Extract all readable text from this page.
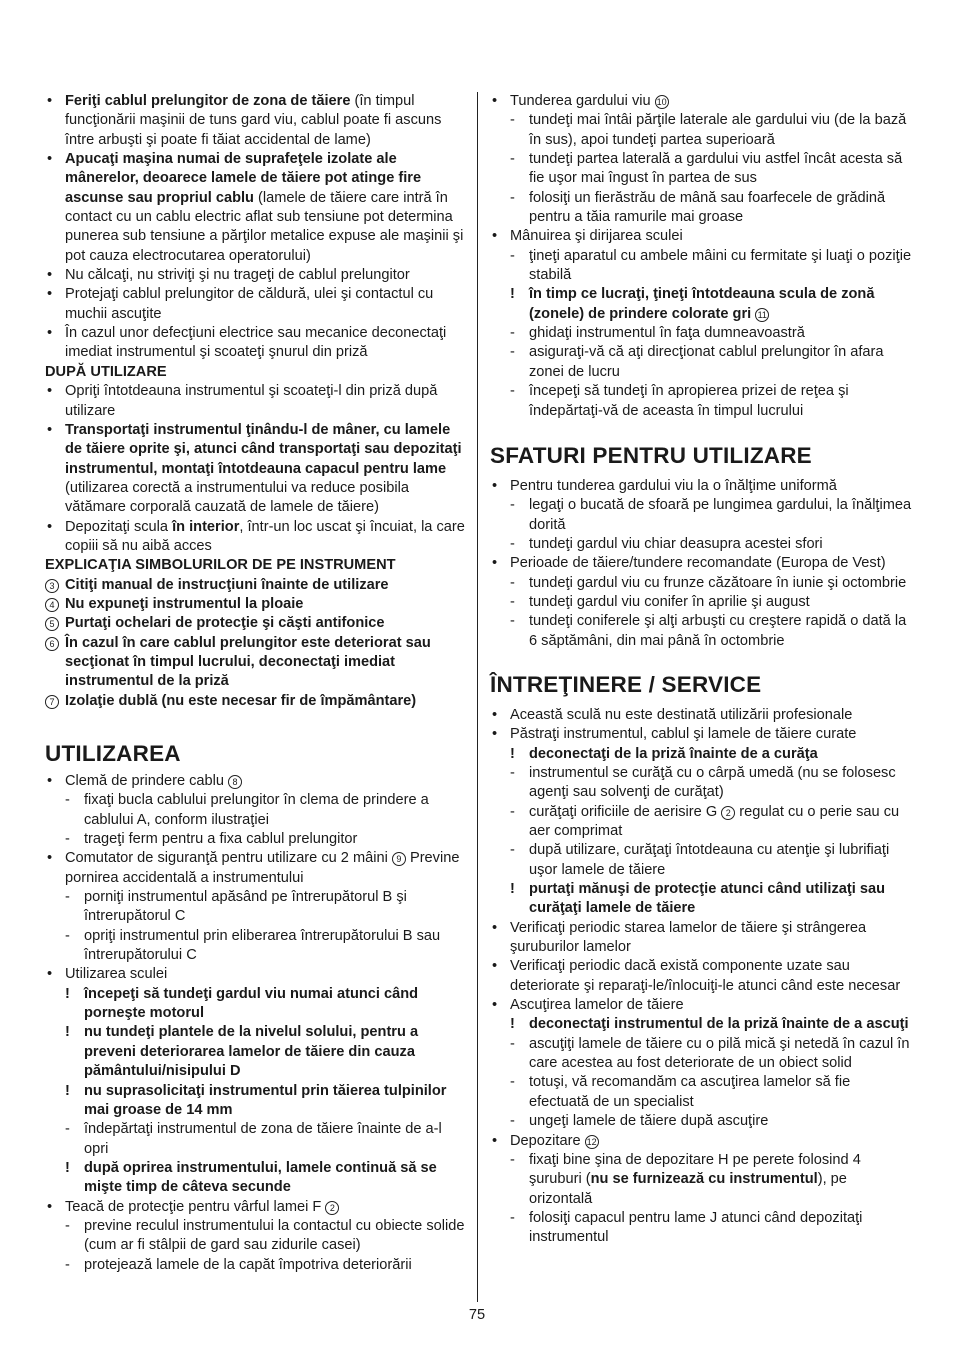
• Feriţi cablul prelungitor de zona de tăiere (în timpul funcţionării maşinii de tuns gard viu, cablul poate fi ascuns între arbuşti şi poate fi tăiat accidental de lame)
• Apucaţi maşina numai de suprafeţele izolate ale mânerelor, deoarece lamele de tăiere pot atinge fire ascunse sau propriul cablu (lamele de tăiere care intră în contact cu un cablu electric aflat sub tensiune pot determina punerea sub tensiune a părţilor metalice expuse ale maşinii şi pot cauza electrocutarea operatorului)
• Nu călcaţi, nu striviţi şi nu trageţi de cablul prelungitor
• Protejaţi cablul prelungitor de căldură, ulei şi contactul cu muchii ascuţite
• În cazul unor defecţiuni electrice sau mecanice deconectaţi imediat instrumentul şi scoateţi şnurul din priză
DUPĂ UTILIZARE
• Opriţi întotdeauna instrumentul şi scoateţi-l din priză după utilizare
• Transportaţi instrumentul ţinându-l de mâner, cu lamele de tăiere oprite şi, atunci când transportaţi sau depozitaţi instrumentul, montaţi întotdeauna capacul pentru lame (utilizarea corectă a instrumentului va reduce posibila vătămare corporală cauzată de lamele de tăiere)
• Depozitaţi scula în interior, într-un loc uscat şi încuiat, la care copiii să nu aibă acces
EXPLICAŢIA SIMBOLURILOR DE PE INSTRUMENT
3 Citiţi manual de instrucţiuni înainte de utilizare
4 Nu expuneţi instrumentul la ploaie
5 Purtaţi ochelari de protecţie şi căşti antifonice
6 În cazul în care cablul prelungitor este deteriorat sau secţionat în timpul lucrului, deconectaţi imediat instrumentul de la priză
7 Izolaţie dublă (nu este necesar fir de împământare)
UTILIZAREA
• Clemă de prindere cablu 8
- fixaţi bucla cablului prelungitor în clema de prindere a cablului A, conform ilustraţiei
- trageţi ferm pentru a fixa cablul prelungitor
• Comutator de siguranţă pentru utilizare cu 2 mâini 9 Previne pornirea accidentală a instrumentului
- porniţi instrumentul apăsând pe întrerupătorul B şi întrerupătorul C
- opriţi instrumentul prin eliberarea întrerupătorului B sau întrerupătorului C
• Utilizarea sculei
! începeţi să tundeţi gardul viu numai atunci când porneşte motorul
! nu tundeţi plantele de la nivelul solului, pentru a preveni deteriorarea lamelor de tăiere din cauza pământului/nisipului D
! nu suprasolicitaţi instrumentul prin tăierea tulpinilor mai groase de 14 mm
- îndepărtaţi instrumentul de zona de tăiere înainte de a-l opri
! după oprirea instrumentului, lamele continuă să se mişte timp de câteva secunde
• Teacă de protecţie pentru vârful lamei F 2
- previne reculul instrumentului la contactul cu obiecte solide (cum ar fi stâlpii de gard sau zidurile casei)
- protejează lamele de la capăt împotriva deteriorării
• Tunderea gardului viu 10
- tundeţi mai întâi părţile laterale ale gardului viu (de la bază în sus), apoi tundeţi partea superioară
- tundeţi partea laterală a gardului viu astfel încât acesta să fie uşor mai îngust în partea de sus
- folosiţi un fierăstrău de mână sau foarfecele de grădină pentru a tăia ramurile mai groase
• Mânuirea şi dirijarea sculei
- ţineţi aparatul cu ambele mâini cu fermitate şi luaţi o poziţie stabilă
! în timp ce lucraţi, ţineţi întotdeauna scula de zonă (zonele) de prindere colorate gri 11
- ghidaţi instrumentul în faţa dumneavoastră
- asiguraţi-vă că aţi direcţionat cablul prelungitor în afara zonei de lucru
- începeţi să tundeţi în apropierea prizei de reţea şi îndepărtaţi-vă de aceasta în timpul lucrului
SFATURI PENTRU UTILIZARE
• Pentru tunderea gardului viu la o înălţime uniformă
- legaţi o bucată de sfoară pe lungimea gardului, la înălţimea dorită
- tundeţi gardul viu chiar deasupra acestei sfori
• Perioade de tăiere/tundere recomandate (Europa de Vest)
- tundeţi gardul viu cu frunze căzătoare în iunie şi octombrie
- tundeţi gardul viu conifer în aprilie şi august
- tundeţi coniferele şi alţi arbuşti cu creştere rapidă o dată la 6 săptămâni, din mai până în octombrie
ÎNTREŢINERE / SERVICE
• Această sculă nu este destinată utilizării profesionale
• Păstraţi instrumentul, cablul şi lamele de tăiere curate
! deconectaţi de la priză înainte de a curăţa
- instrumentul se curăţă cu o cârpă umedă (nu se folosesc agenţi sau solvenţi de curăţat)
- curăţaţi orificiile de aerisire G 2 regulat cu o perie sau cu aer comprimat
- după utilizare, curăţaţi întotdeauna cu atenţie şi lubrifiaţi uşor lamele de tăiere
! purtaţi mănuşi de protecţie atunci când utilizaţi sau curăţaţi lamele de tăiere
• Verificaţi periodic starea lamelor de tăiere şi strângerea şuruburilor lamelor
• Verificaţi periodic dacă există componente uzate sau deteriorate şi reparaţi-le/înlocuiţi-le atunci când este necesar
• Ascuţirea lamelor de tăiere
! deconectaţi instrumentul de la priză înainte de a ascuţi
- ascuţiţi lamele de tăiere cu o pilă mică şi netedă în cazul în care acestea au fost deteriorate de un obiect solid
- totuşi, vă recomandăm ca ascuţirea lamelor să fie efectuată de un specialist
- ungeţi lamele de tăiere după ascuţire
• Depozitare 12
- fixaţi bine şina de depozitare H pe perete folosind 4 şuruburi (nu se furnizează cu instrumentul), pe orizontală
- folosiţi capacul pentru lame J atunci când depozitaţi instrumentul
75
